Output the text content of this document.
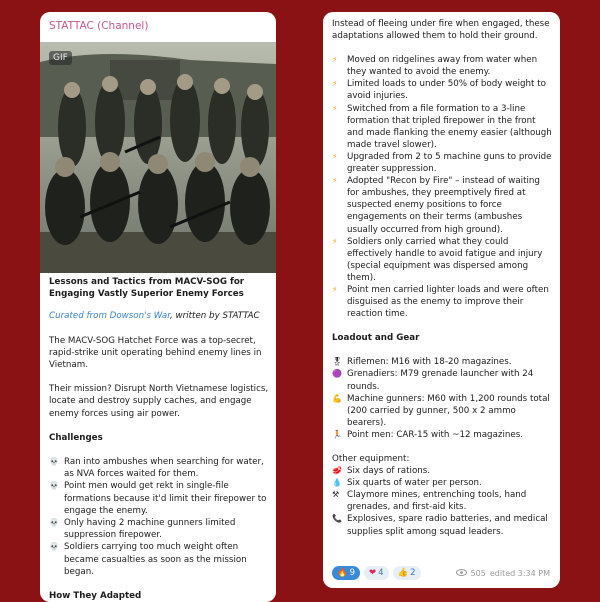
STATTAC (Channel)
GIF

Lessons and Tactics from MACV-SOG for Engaging Vastly Superior Enemy Forces

Curated from Dowson's War, written by STATTAC

The MACV-SOG Hatchet Force was a top-secret, rapid-strike unit operating behind enemy lines in Vietnam.

Their mission? Disrupt North Vietnamese logistics, locate and destroy supply caches, and engage enemy forces using air power.

Challenges

💀 Ran into ambushes when searching for water, as NVA forces waited for them.
💀 Point men would get rekt in single-file formations because it'd limit their firepower to engage the enemy.
💀 Only having 2 machine gunners limited suppression firepower.
💀 Soldiers carrying too much weight often became casualties as soon as the mission began.

How They Adapted

Instead of fleeing under fire when engaged, these adaptations allowed them to hold their ground.

⚡	Moved on ridgelines away from water when they wanted to avoid the enemy.
⚡	Limited loads to under 50% of body weight to avoid injuries.
⚡	Switched from a file formation to a 3-line formation that tripled firepower in the front and made flanking the enemy easier (although made travel slower).
⚡	Upgraded from 2 to 5 machine guns to provide greater suppression.
⚡	Adopted "Recon by Fire" – instead of waiting for ambushes, they preemptively fired at suspected enemy positions to force engagements on their terms (ambushes usually occurred from high ground).
⚡	Soldiers only carried what they could effectively handle to avoid fatigue and injury (special equipment was dispersed among them).
⚡	Point men carried lighter loads and were often disguised as the enemy to improve their reaction time.

Loadout and Gear

🎖 Riflemen: M16 with 18-20 magazines.
🟣 Grenadiers: M79 grenade launcher with 24 rounds.
💪 Machine gunners: M60 with 1,200 rounds total (200 carried by gunner, 500 x 2 ammo bearers).
🏃 Point men: CAR-15 with ~12 magazines.

Other equipment:

🥩 Six days of rations.
💧 Six quarts of water per person.
⚒ Claymore mines, entrenching tools, hand grenades, and first-aid kits.
📞 Explosives, spare radio batteries, and medical supplies split among squad leaders.
🔥 9 ❤ 4 👍 2	505 edited 3:34 PM
